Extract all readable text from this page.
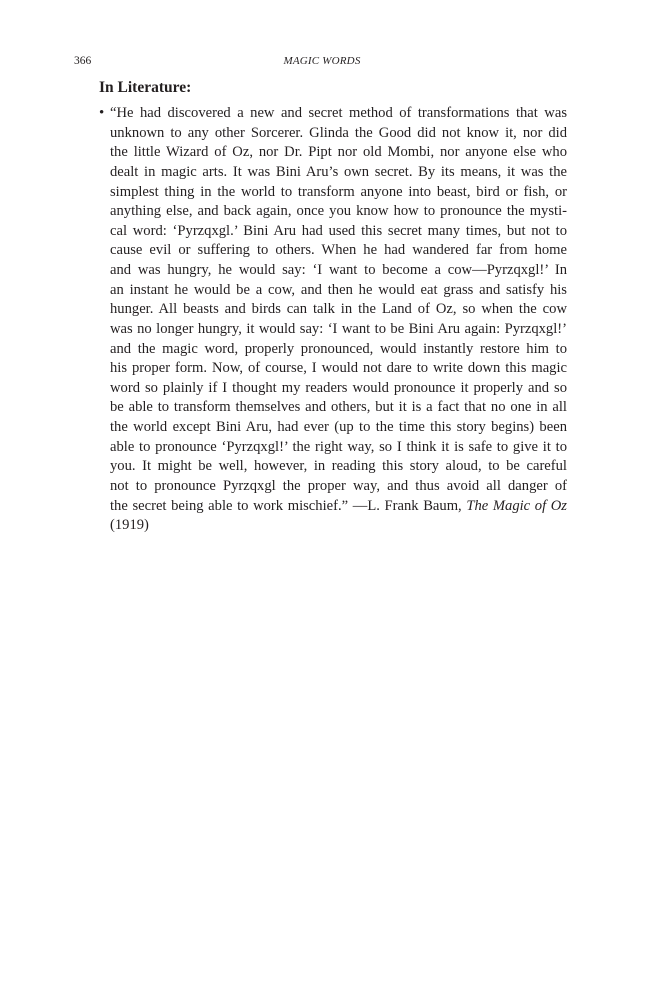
366	MAGIC WORDS
In Literature:
• “He had discovered a new and secret method of transformations that was
unknown to any other Sorcerer. Glinda the Good did not know it, nor did
the little Wizard of Oz, nor Dr. Pipt nor old Mombi, nor anyone else who
dealt in magic arts. It was Bini Aru’s own secret. By its means, it was the
simplest thing in the world to transform anyone into beast, bird or fish, or
anything else, and back again, once you know how to pronounce the mysti-
cal word: ‘Pyrzqxgl.’ Bini Aru had used this secret many times, but not to
cause evil or suffering to others. When he had wandered far from home
and was hungry, he would say: ‘I want to become a cow—Pyrzqxgl!’ In
an instant he would be a cow, and then he would eat grass and satisfy his
hunger. All beasts and birds can talk in the Land of Oz, so when the cow
was no longer hungry, it would say: ‘I want to be Bini Aru again: Pyrzqxgl!’
and the magic word, properly pronounced, would instantly restore him to
his proper form. Now, of course, I would not dare to write down this magic
word so plainly if I thought my readers would pronounce it properly and so
be able to transform themselves and others, but it is a fact that no one in all
the world except Bini Aru, had ever (up to the time this story begins) been
able to pronounce ‘Pyrzqxgl!’ the right way, so I think it is safe to give it to
you. It might be well, however, in reading this story aloud, to be careful
not to pronounce Pyrzqxgl the proper way, and thus avoid all danger of
the secret being able to work mischief.” —L. Frank Baum, The Magic of Oz
(1919)
